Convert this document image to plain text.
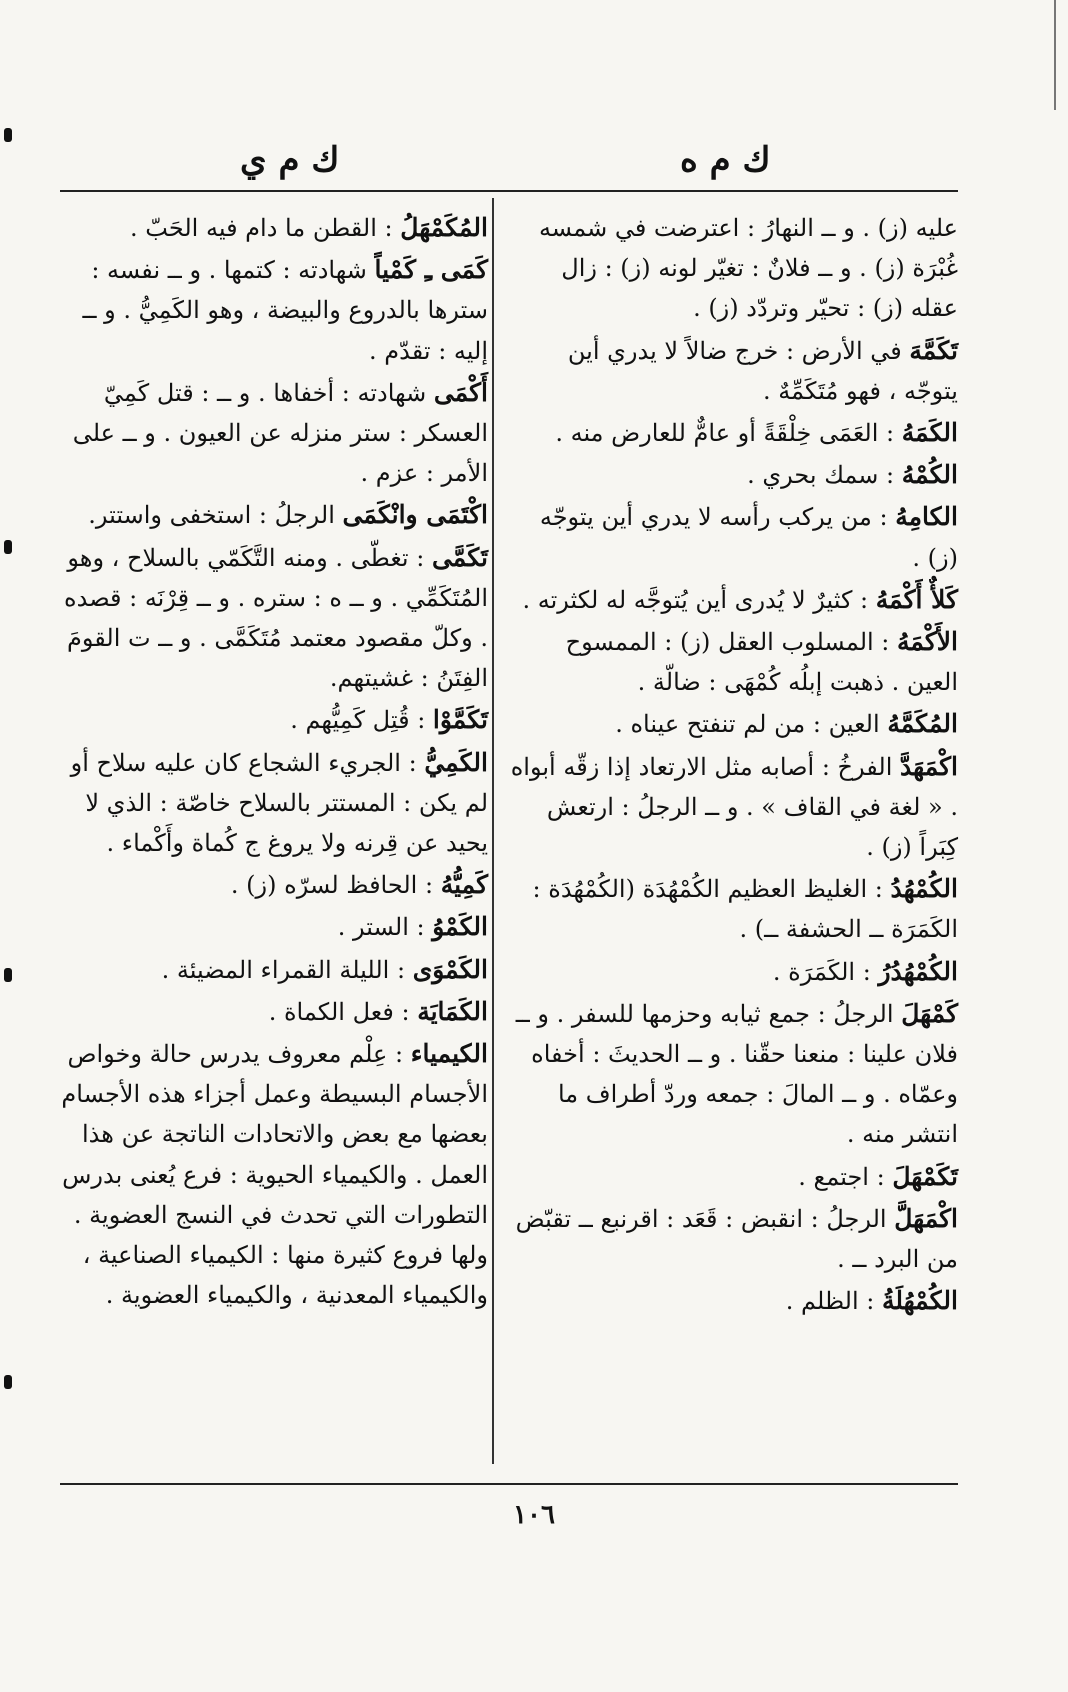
ك م ه
ك م ي
عليه (ز) . و ــ النهارُ : اعترضت في شمسه غُبْرَة (ز) . و ــ فلانٌ : تغيّر لونه (ز) : زال عقله (ز) : تحيّر وتردّد (ز) .
تَكَمَّهَ في الأرض : خرج ضالاً لا يدري أين يتوجّه ، فهو مُتَكَمِّهٌ .
الكَمَهُ : العَمَى خِلْقَةً أو عامٌّ للعارض منه .
الكُمْهُ : سمك بحري .
الكامِهُ : من يركب رأسه لا يدري أين يتوجّه (ز) .
كَلأٌ أَكْمَهُ : كثيرٌ لا يُدرى أين يُتوجَّه له لكثرته .
الأَكْمَهُ : المسلوب العقل (ز) : الممسوح العين . ذهبت إبلُه كُمْهَى : ضالّة .
المُكَمَّهُ العين : من لم تنفتح عيناه .
اكْمَهَدَّ الفرخُ : أصابه مثل الارتعاد إذا زقّه أبواه . « لغة في القاف » . و ــ الرجلُ : ارتعش كِبَراً (ز) .
الكُمْهُدُ : الغليظ العظيم الكُمْهُدَة (الكُمْهُدَة : الكَمَرَة ــ الحشفة ــ) .
الكُمْهُدُرُ : الكَمَرَة .
كَمْهَلَ الرجلُ : جمع ثيابه وحزمها للسفر . و ــ فلان علينا : منعنا حقّنا . و ــ الحديثَ : أخفاه وعمّاه . و ــ المالَ : جمعه وردّ أطراف ما انتشر منه .
تَكَمْهَلَ : اجتمع .
اكْمَهَلَّ الرجلُ : انقبض : قَعَد : اقرنبع ــ تقبّض من البرد ــ .
الكُمْهُلَةُ : الظلم .
المُكَمْهَلُ : القطن ما دام فيه الحَبّ .
كَمَى ـِ كَمْياً شهادته : كتمها . و ــ نفسه : سترها بالدروع والبيضة ، وهو الكَمِيُّ . و ــ إليه : تقدّم .
أَكْمَى شهادته : أخفاها . و ــ : قتل كَمِيّ العسكر : ستر منزله عن العيون . و ــ على الأمر : عزم .
اكْتَمَى وانْكَمَى الرجلُ : استخفى واستتر.
تَكَمَّى : تغطّى . ومنه التَّكَمّي بالسلاح ، وهو المُتَكَمِّي . و ــ ه : ستره . و ــ قِرْنَه : قصده . وكلّ مقصود معتمد مُتَكَمَّى . و ــ ت القومَ الفِتَنُ : غشيتهم.
تَكَمَّوْا : قُتِل كَمِيُّهم .
الكَمِيُّ : الجريء الشجاع كان عليه سلاح أو لم يكن : المستتر بالسلاح خاصّة : الذي لا يحيد عن قِرنه ولا يروغ ج كُماة وأَكْماء .
كَمِيُّهُ : الحافظ لسرّه (ز) .
الكَمْوُ : الستر .
الكَمْوَى : الليلة القمراء المضيئة .
الكَمَايَة : فعل الكماة .
الكيمياء : عِلْم معروف يدرس حالة وخواص الأجسام البسيطة وعمل أجزاء هذه الأجسام بعضها مع بعض والاتحادات الناتجة عن هذا العمل . والكيمياء الحيوية : فرع يُعنى بدرس التطورات التي تحدث في النسج العضوية . ولها فروع كثيرة منها : الكيمياء الصناعية ، والكيمياء المعدنية ، والكيمياء العضوية .
١٠٦
